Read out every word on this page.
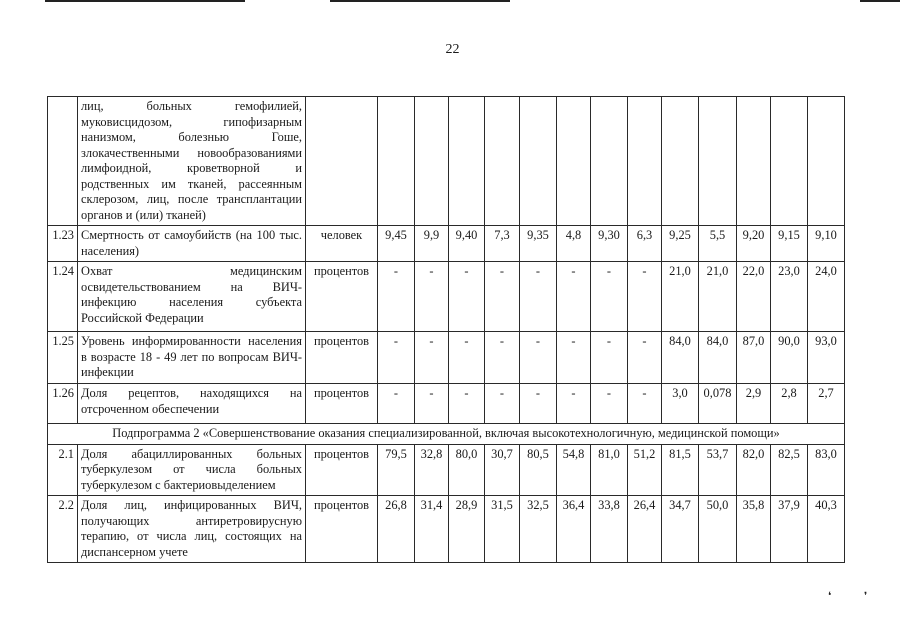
22
	лиц, больных гемофилией, муковисцидозом, гипофизарным нанизмом, болезнью Гоше, злокачественными новообразованиями лимфоидной, кроветворной и родственных им тканей, рассеянным склерозом, лиц, после трансплантации органов и (или) тканей)														
1.23	Смертность от самоубийств (на 100 тыс. населения)	человек	9,45	9,9	9,40	7,3	9,35	4,8	9,30	6,3	9,25	5,5	9,20	9,15	9,10
1.24	Охват медицинским освидетельствованием на ВИЧ-инфекцию населения субъекта Российской Федерации	процентов	-	-	-	-	-	-	-	-	21,0	21,0	22,0	23,0	24,0
1.25	Уровень информированности населения в возрасте 18 - 49 лет по вопросам ВИЧ-инфекции	процентов	-	-	-	-	-	-	-	-	84,0	84,0	87,0	90,0	93,0
1.26	Доля рецептов, находящихся на отсроченном обеспечении	процентов	-	-	-	-	-	-	-	-	3,0	0,078	2,9	2,8	2,7
Подпрограмма 2 «Совершенствование оказания специализированной, включая высокотехнологичную, медицинской помощи»															
2.1	Доля абациллированных больных туберкулезом от числа больных туберкулезом с бактериовыделением	процентов	79,5	32,8	80,0	30,7	80,5	54,8	81,0	51,2	81,5	53,7	82,0	82,5	83,0
2.2	Доля лиц, инфицированных ВИЧ, получающих антиретровирусную терапию, от числа лиц, состоящих на диспансерном учете	процентов	26,8	31,4	28,9	31,5	32,5	36,4	33,8	26,4	34,7	50,0	35,8	37,9	40,3
❛	❜
